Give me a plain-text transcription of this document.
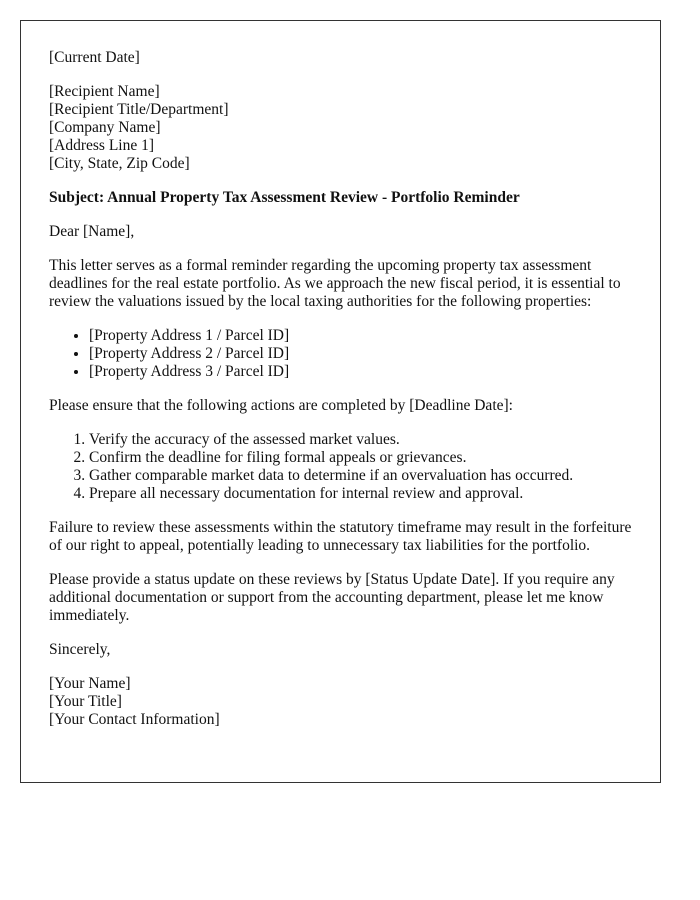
[Current Date]

[Recipient Name]
[Recipient Title/Department]
[Company Name]
[Address Line 1]
[City, State, Zip Code]

Subject: Annual Property Tax Assessment Review - Portfolio Reminder

Dear [Name],

This letter serves as a formal reminder regarding the upcoming property tax assessment deadlines for the real estate portfolio. As we approach the new fiscal period, it is essential to review the valuations issued by the local taxing authorities for the following properties:

• [Property Address 1 / Parcel ID]
• [Property Address 2 / Parcel ID]
• [Property Address 3 / Parcel ID]

Please ensure that the following actions are completed by [Deadline Date]:

1. Verify the accuracy of the assessed market values.
2. Confirm the deadline for filing formal appeals or grievances.
3. Gather comparable market data to determine if an overvaluation has occurred.
4. Prepare all necessary documentation for internal review and approval.

Failure to review these assessments within the statutory timeframe may result in the forfeiture of our right to appeal, potentially leading to unnecessary tax liabilities for the portfolio.

Please provide a status update on these reviews by [Status Update Date]. If you require any additional documentation or support from the accounting department, please let me know immediately.

Sincerely,

[Your Name]
[Your Title]
[Your Contact Information]
